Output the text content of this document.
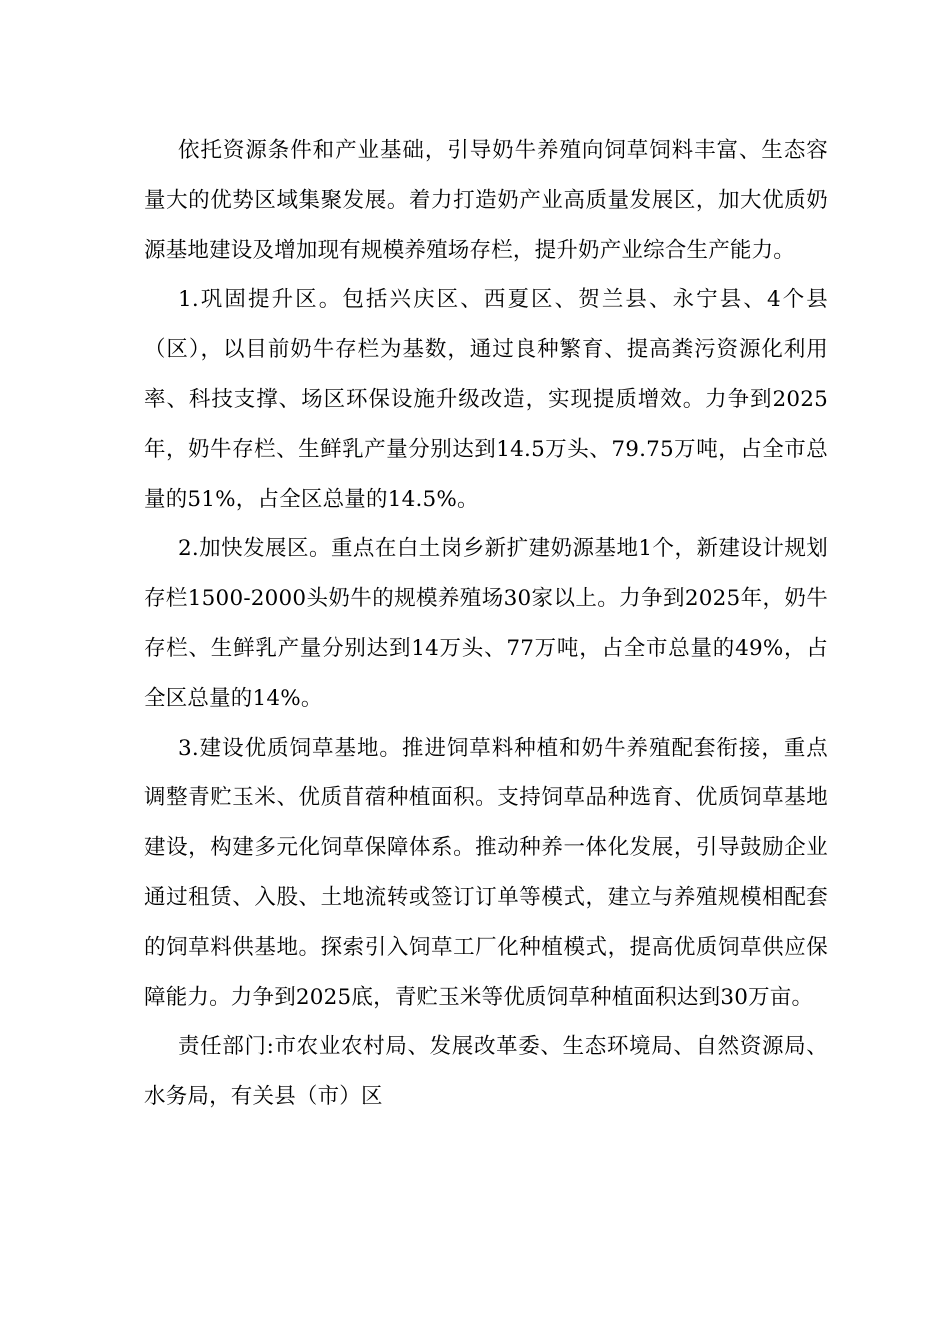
依托资源条件和产业基础，引导奶牛养殖向饲草饲料丰富、生态容量大的优势区域集聚发展。着力打造奶产业高质量发展区，加大优质奶源基地建设及增加现有规模养殖场存栏，提升奶产业综合生产能力。

1.巩固提升区。包括兴庆区、西夏区、贺兰县、永宁县、4个县（区），以目前奶牛存栏为基数，通过良种繁育、提高粪污资源化利用率、科技支撑、场区环保设施升级改造，实现提质增效。力争到2025年，奶牛存栏、生鲜乳产量分别达到14.5万头、79.75万吨，占全市总量的51%，占全区总量的14.5%。

2.加快发展区。重点在白土岗乡新扩建奶源基地1个，新建设计规划存栏1500-2000头奶牛的规模养殖场30家以上。力争到2025年，奶牛存栏、生鲜乳产量分别达到14万头、77万吨，占全市总量的49%，占全区总量的14%。

3.建设优质饲草基地。推进饲草料种植和奶牛养殖配套衔接，重点调整青贮玉米、优质苜蓿种植面积。支持饲草品种选育、优质饲草基地建设，构建多元化饲草保障体系。推动种养一体化发展，引导鼓励企业通过租赁、入股、土地流转或签订订单等模式，建立与养殖规模相配套的饲草料供基地。探索引入饲草工厂化种植模式，提高优质饲草供应保障能力。力争到2025底，青贮玉米等优质饲草种植面积达到30万亩。

责任部门:市农业农村局、发展改革委、生态环境局、自然资源局、水务局，有关县（市）区
